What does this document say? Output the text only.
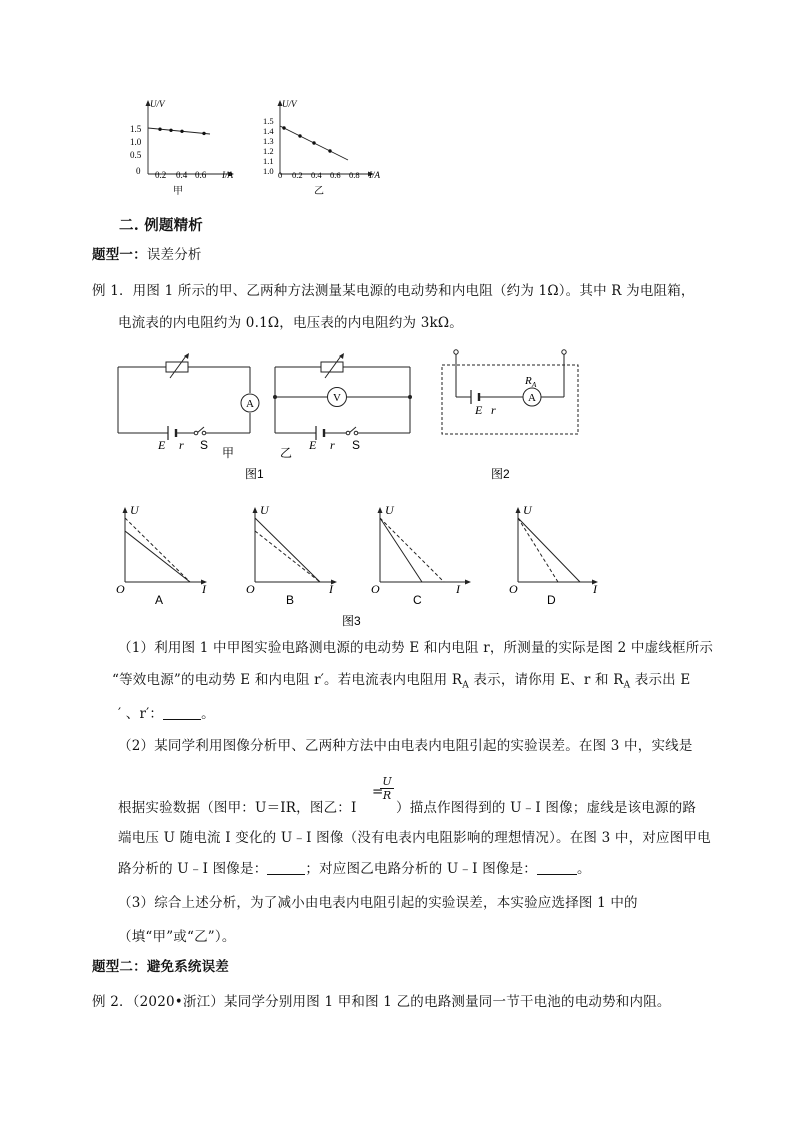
U/V
1.5
1.0
0.5
0 0.2 0.4 0.6 I/A
甲
U/V
1.5
1.4
1.3
1.2
1.1
1.0 0 0.2 0.4 0.6 0.8 I/A
乙
二. 例题精析
题型一：误差分析
例 1．用图 1 所示的甲、乙两种方法测量某电源的电动势和内电阻（约为 1Ω）。其中 R 为电阻箱，
电流表的内电阻约为 0.1Ω，电压表的内电阻约为 3kΩ。
A	V	A
E r S
甲	乙
E r S
E r
$R_A$
图1	图2
U
O	I
A
U
O	I
B
U
O	I
C
U
O	I
D
图3
（1）利用图 1 中甲图实验电路测电源的电动势 E 和内电阻 r，所测量的实际是图 2 中虚线框所示
“等效电源”的电动势 E 和内电阻 r′。若电流表内电阻用 $R_A$ 表示，请你用 E、r 和 $R_A$ 表示出 E
′ 、r′：	。
（2）某同学利用图像分析甲、乙两种方法中由电表内电阻引起的实验误差。在图 3 中，实线是
$\frac{U}{R}$
=
根据实验数据（图甲：U＝IR，图乙：I	）描点作图得到的 U﹣I 图像；虚线是该电源的路
端电压 U 随电流 I 变化的 U﹣I 图像（没有电表内电阻影响的理想情况）。在图 3 中，对应图甲电
路分析的 U﹣I 图像是：	；对应图乙电路分析的 U﹣I 图像是：	。
（3）综合上述分析，为了减小由电表内电阻引起的实验误差，本实验应选择图 1 中的
（填“甲”或“乙”）。
题型二：避免系统误差
例 2．（2020•浙江）某同学分别用图 1 甲和图 1 乙的电路测量同一节干电池的电动势和内阻。
